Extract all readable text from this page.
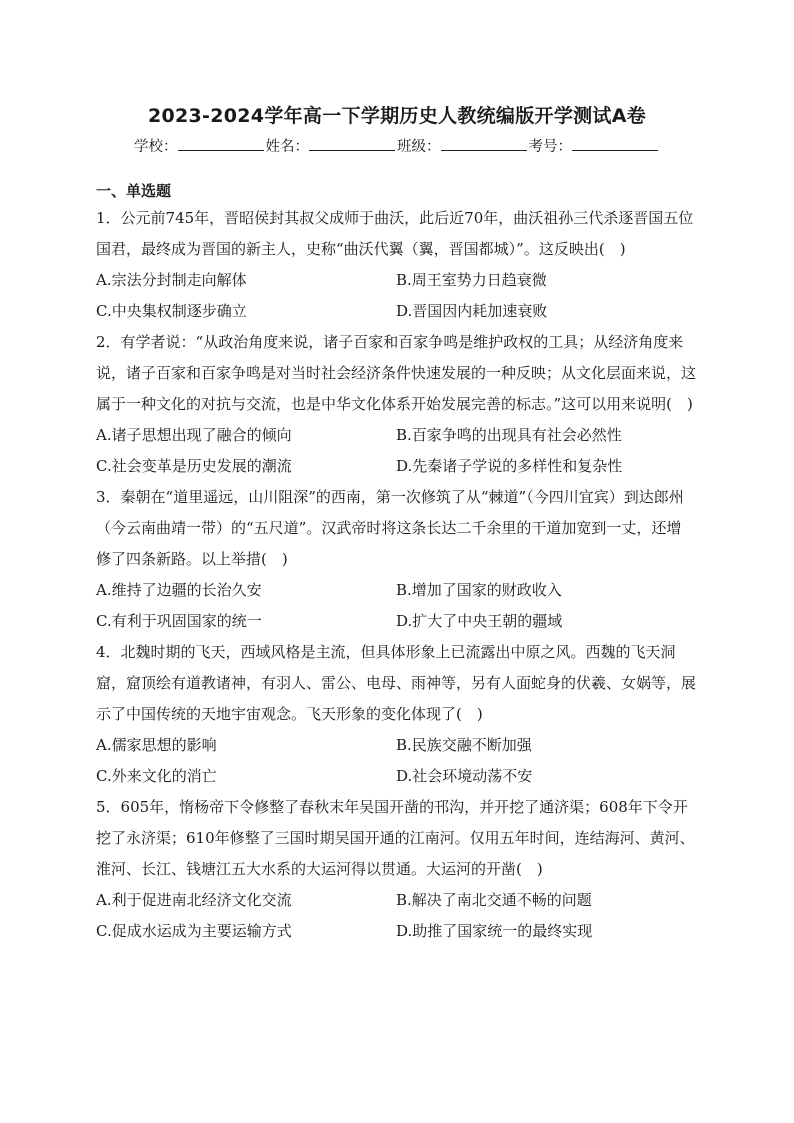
2023-2024学年高一下学期历史人教统编版开学测试A卷
学校：	姓名：	班级：	考号：
一、单选题

1．公元前745年，晋昭侯封其叔父成师于曲沃，此后近70年，曲沃祖孙三代杀逐晋国五位国君，最终成为晋国的新主人，史称“曲沃代翼（翼，晋国都城）”。这反映出(　)

A.宗法分封制走向解体	B.周王室势力日趋衰微
C.中央集权制逐步确立	D.晋国因内耗加速衰败

2．有学者说：“从政治角度来说，诸子百家和百家争鸣是维护政权的工具；从经济角度来说，诸子百家和百家争鸣是对当时社会经济条件快速发展的一种反映；从文化层面来说，这属于一种文化的对抗与交流，也是中华文化体系开始发展完善的标志。”这可以用来说明(　)

A.诸子思想出现了融合的倾向	B.百家争鸣的出现具有社会必然性
C.社会变革是历史发展的潮流	D.先秦诸子学说的多样性和复杂性

3．秦朝在“道里遥远，山川阻深”的西南，第一次修筑了从“棘道”（今四川宜宾）到达郎州（今云南曲靖一带）的“五尺道”。汉武帝时将这条长达二千余里的干道加宽到一丈，还增修了四条新路。以上举措(　)

A.维持了边疆的长治久安	B.增加了国家的财政收入
C.有利于巩固国家的统一	D.扩大了中央王朝的疆域

4．北魏时期的飞天，西域风格是主流，但具体形象上已流露出中原之风。西魏的飞天洞窟，窟顶绘有道教诸神，有羽人、雷公、电母、雨神等，另有人面蛇身的伏羲、女娲等，展示了中国传统的天地宇宙观念。飞天形象的变化体现了(　)

A.儒家思想的影响	B.民族交融不断加强
C.外来文化的消亡	D.社会环境动荡不安

5．605年，惰杨帝下令修整了春秋末年吴国开凿的邗沟，并开挖了通济渠；608年下令开挖了永济渠；610年修整了三国时期吴国开通的江南河。仅用五年时间，连结海河、黄河、淮河、长江、钱塘江五大水系的大运河得以贯通。大运河的开凿(　)

A.利于促进南北经济文化交流	B.解决了南北交通不畅的问题
C.促成水运成为主要运输方式	D.助推了国家统一的最终实现
